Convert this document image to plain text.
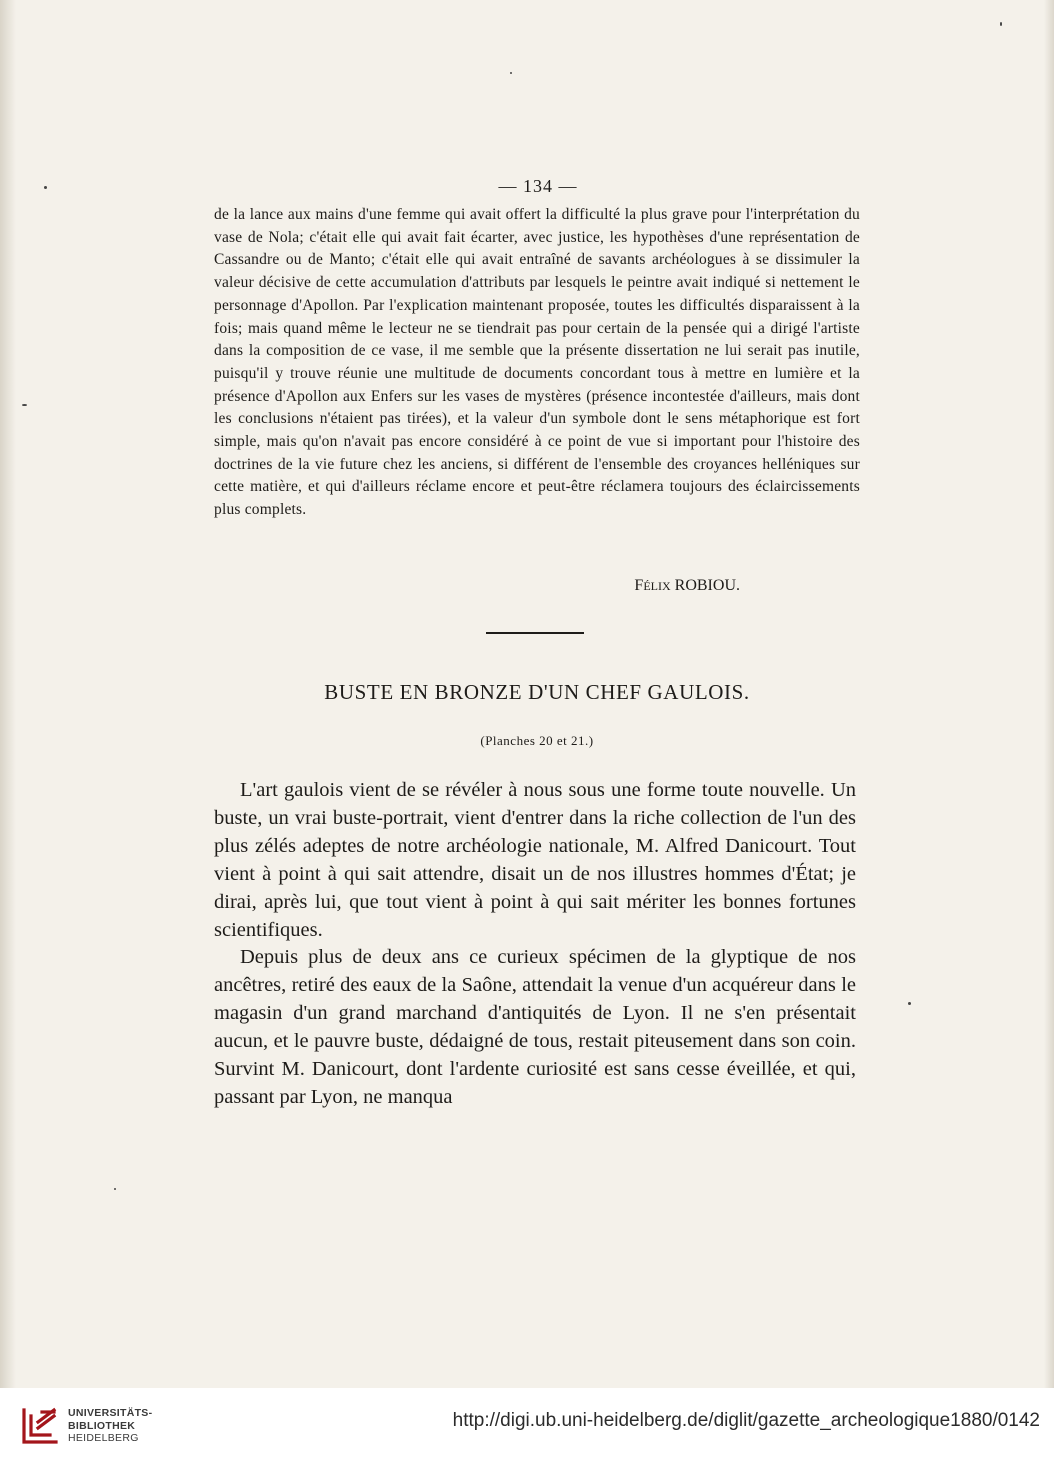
— 134 —

de la lance aux mains d'une femme qui avait offert la difficulté la plus grave pour l'interprétation du vase de Nola; c'était elle qui avait fait écarter, avec justice, les hypothèses d'une représentation de Cassandre ou de Manto; c'était elle qui avait entraîné de savants archéologues à se dissimuler la valeur décisive de cette accumulation d'attributs par lesquels le peintre avait indiqué si nettement le personnage d'Apollon. Par l'explication maintenant proposée, toutes les difficultés disparaissent à la fois; mais quand même le lecteur ne se tiendrait pas pour certain de la pensée qui a dirigé l'artiste dans la composition de ce vase, il me semble que la présente dissertation ne lui serait pas inutile, puisqu'il y trouve réunie une multitude de documents concordant tous à mettre en lumière et la présence d'Apollon aux Enfers sur les vases de mystères (présence incontestée d'ailleurs, mais dont les conclusions n'étaient pas tirées), et la valeur d'un symbole dont le sens métaphorique est fort simple, mais qu'on n'avait pas encore considéré à ce point de vue si important pour l'histoire des doctrines de la vie future chez les anciens, si différent de l'ensemble des croyances helléniques sur cette matière, et qui d'ailleurs réclame encore et peut-être réclamera toujours des éclaircissements plus complets.

FÉLIX ROBIOU.
BUSTE EN BRONZE D'UN CHEF GAULOIS.
(Planches 20 et 21.)

L'art gaulois vient de se révéler à nous sous une forme toute nouvelle. Un buste, un vrai buste-portrait, vient d'entrer dans la riche collection de l'un des plus zélés adeptes de notre archéologie nationale, M. Alfred Danicourt. Tout vient à point à qui sait attendre, disait un de nos illustres hommes d'État; je dirai, après lui, que tout vient à point à qui sait mériter les bonnes fortunes scientifiques.

Depuis plus de deux ans ce curieux spécimen de la glyptique de nos ancêtres, retiré des eaux de la Saône, attendait la venue d'un acquéreur dans le magasin d'un grand marchand d'antiquités de Lyon. Il ne s'en présentait aucun, et le pauvre buste, dédaigné de tous, restait piteusement dans son coin. Survint M. Danicourt, dont l'ardente curiosité est sans cesse éveillée, et qui, passant par Lyon, ne manqua

UNIVERSITÄTS-
BIBLIOTHEK
HEIDELBERG
http://digi.ub.uni-heidelberg.de/diglit/gazette_archeologique1880/0142
